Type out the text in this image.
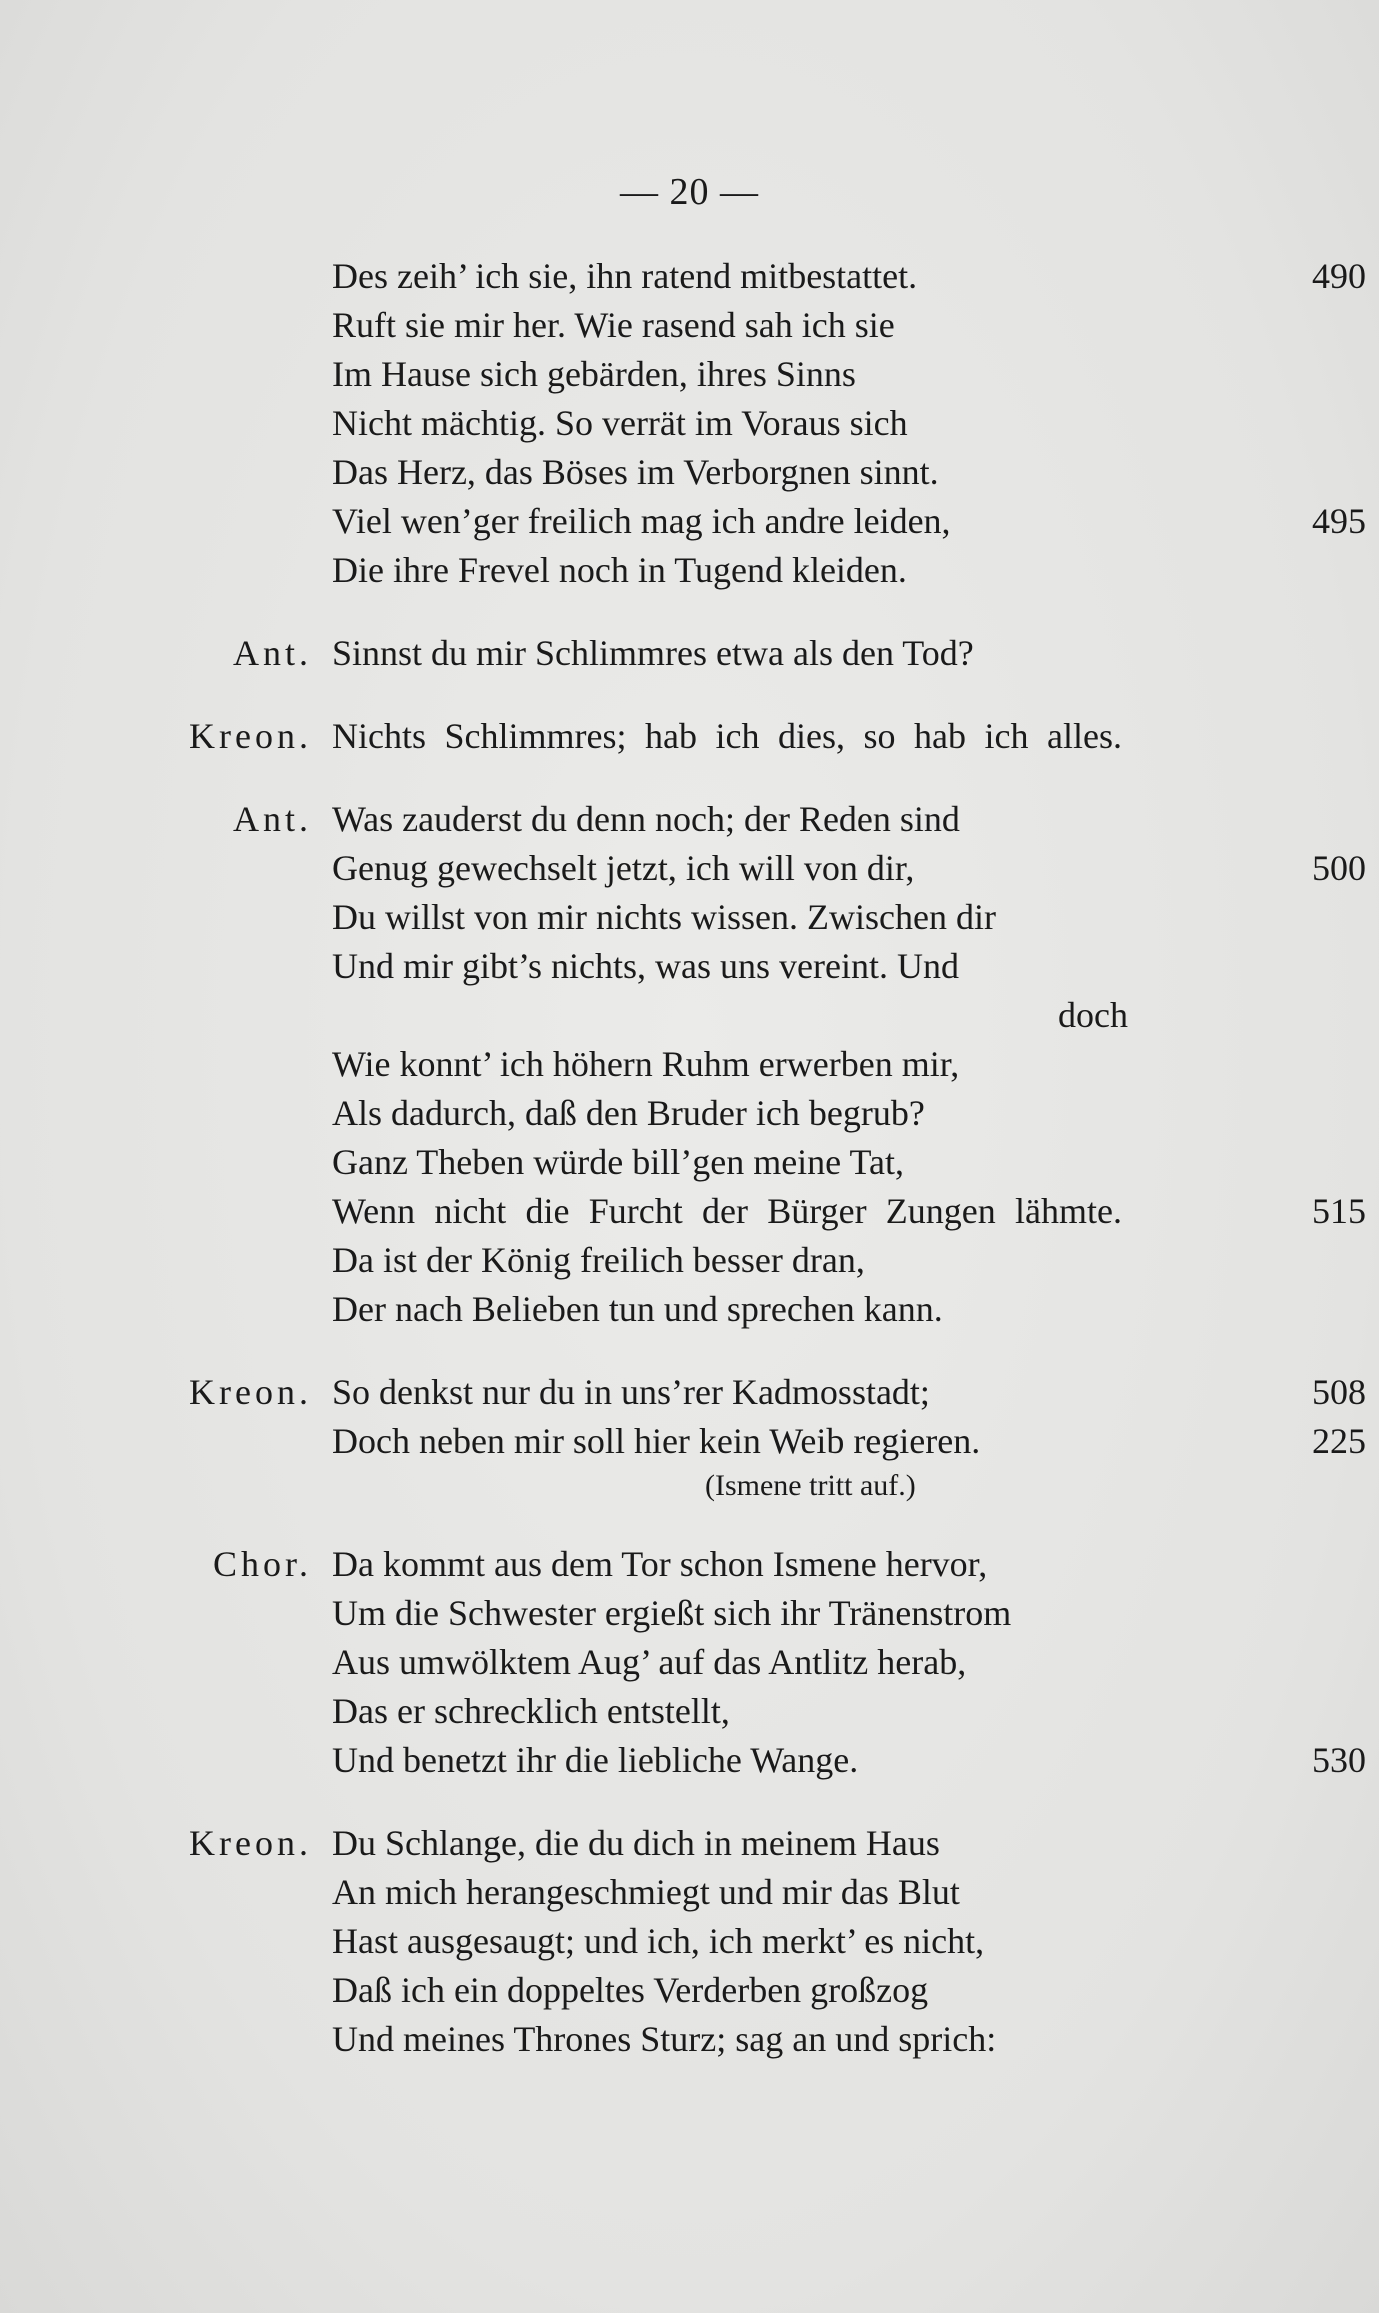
— 20 —
Des zeih’ ich sie, ihn ratend mitbestattet.	490
Ruft sie mir her. Wie rasend sah ich sie
Im Hause sich gebärden, ihres Sinns
Nicht mächtig. So verrät im Voraus sich
Das Herz, das Böses im Verborgnen sinnt.
Viel wen’ger freilich mag ich andre leiden,	495
Die ihre Frevel noch in Tugend kleiden.
Ant. Sinnst du mir Schlimmres etwa als den Tod?
Kreon. Nichts Schlimmres; hab ich dies, so hab ich alles.
Ant. Was zauderst du denn noch; der Reden sind
Genug gewechselt jetzt, ich will von dir,	500
Du willst von mir nichts wissen. Zwischen dir
Und mir gibt’s nichts, was uns vereint. Und
doch
Wie konnt’ ich höhern Ruhm erwerben mir,
Als dadurch, daß den Bruder ich begrub?
Ganz Theben würde bill’gen meine Tat,
Wenn nicht die Furcht der Bürger Zungen lähmte.	515
Da ist der König freilich besser dran,
Der nach Belieben tun und sprechen kann.
Kreon. So denkst nur du in uns’rer Kadmosstadt;	508
Doch neben mir soll hier kein Weib regieren.	225
(Ismene tritt auf.)
Chor. Da kommt aus dem Tor schon Ismene hervor,
Um die Schwester ergießt sich ihr Tränenstrom
Aus umwölktem Aug’ auf das Antlitz herab,
Das er schrecklich entstellt,
Und benetzt ihr die liebliche Wange.	530
Kreon. Du Schlange, die du dich in meinem Haus
An mich herangeschmiegt und mir das Blut
Hast ausgesaugt; und ich, ich merkt’ es nicht,
Daß ich ein doppeltes Verderben großzog
Und meines Thrones Sturz; sag an und sprich:
